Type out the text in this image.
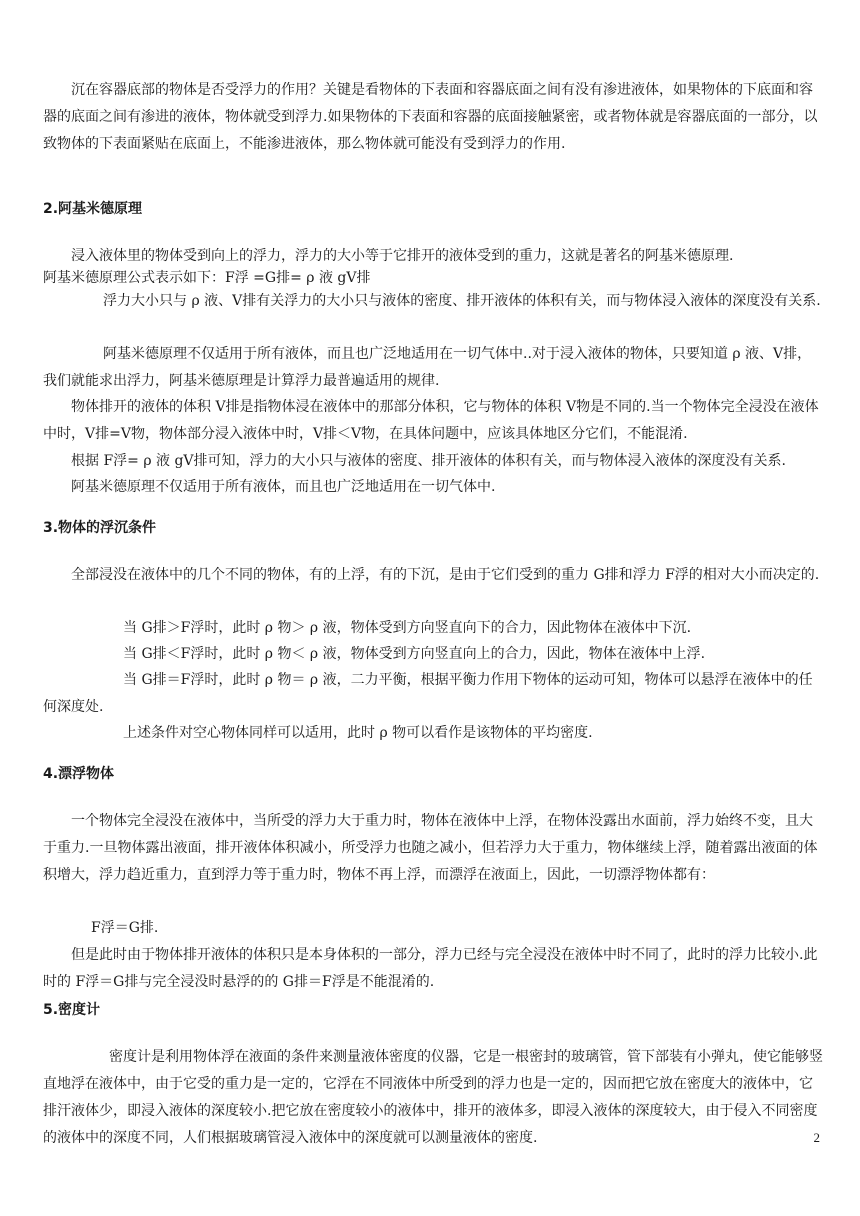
沉在容器底部的物体是否受浮力的作用？关键是看物体的下表面和容器底面之间有没有渗进液体，如果物体的下底面和容器的底面之间有渗进的液体，物体就受到浮力.如果物体的下表面和容器的底面接触紧密，或者物体就是容器底面的一部分，以致物体的下表面紧贴在底面上，不能渗进液体，那么物体就可能没有受到浮力的作用.

2.阿基米德原理

浸入液体里的物体受到向上的浮力，浮力的大小等于它排开的液体受到的重力，这就是著名的阿基米德原理.

阿基米德原理公式表示如下：F浮 =G排= ρ 液 gV排

浮力大小只与 ρ 液、V排有关浮力的大小只与液体的密度、排开液体的体积有关，而与物体浸入液体的深度没有关系.

阿基米德原理不仅适用于所有液体，而且也广泛地适用在一切气体中..对于浸入液体的物体，只要知道 ρ 液、V排，我们就能求出浮力，阿基米德原理是计算浮力最普遍适用的规律.

物体排开的液体的体积 V排是指物体浸在液体中的那部分体积，它与物体的体积 V物是不同的.当一个物体完全浸没在液体中时，V排=V物，物体部分浸入液体中时，V排＜V物，在具体问题中，应该具体地区分它们，不能混淆.

根据 F浮= ρ 液 gV排可知，浮力的大小只与液体的密度、排开液体的体积有关，而与物体浸入液体的深度没有关系.

阿基米德原理不仅适用于所有液体，而且也广泛地适用在一切气体中.

3.物体的浮沉条件

全部浸没在液体中的几个不同的物体，有的上浮，有的下沉，是由于它们受到的重力 G排和浮力 F浮的相对大小而决定的.

当 G排＞F浮时，此时 ρ 物＞ ρ 液，物体受到方向竖直向下的合力，因此物体在液体中下沉.

当 G排＜F浮时，此时 ρ 物＜ ρ 液，物体受到方向竖直向上的合力，因此，物体在液体中上浮.

当 G排＝F浮时，此时 ρ 物＝ ρ 液，二力平衡，根据平衡力作用下物体的运动可知，物体可以悬浮在液体中的任何深度处.

上述条件对空心物体同样可以适用，此时 ρ 物可以看作是该物体的平均密度.

4.漂浮物体

一个物体完全浸没在液体中，当所受的浮力大于重力时，物体在液体中上浮，在物体没露出水面前，浮力始终不变，且大于重力.一旦物体露出液面，排开液体体积减小，所受浮力也随之减小，但若浮力大于重力，物体继续上浮，随着露出液面的体积增大，浮力趋近重力，直到浮力等于重力时，物体不再上浮，而漂浮在液面上，因此，一切漂浮物体都有：

F浮＝G排.

但是此时由于物体排开液体的体积只是本身体积的一部分，浮力已经与完全浸没在液体中时不同了，此时的浮力比较小.此时的 F浮＝G排与完全浸没时悬浮的的 G排＝F浮是不能混淆的.

5.密度计

密度计是利用物体浮在液面的条件来测量液体密度的仪器，它是一根密封的玻璃管，管下部装有小弹丸，使它能够竖直地浮在液体中，由于它受的重力是一定的，它浮在不同液体中所受到的浮力也是一定的，因而把它放在密度大的液体中，它排汗液体少，即浸入液体的深度较小.把它放在密度较小的液体中，排开的液体多，即浸入液体的深度较大，由于侵入不同密度的液体中的深度不同，人们根据玻璃管浸入液体中的深度就可以测量液体的密度.	2
